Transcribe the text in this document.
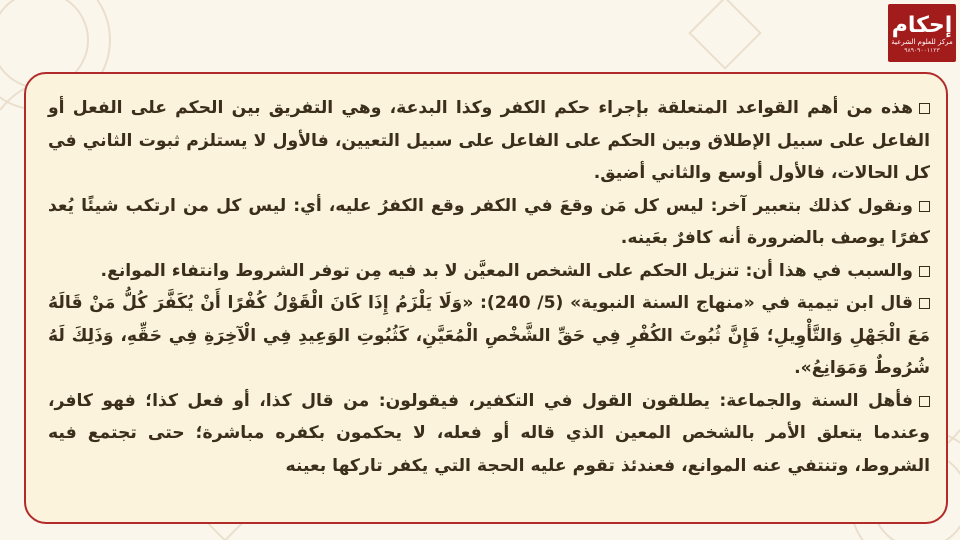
إحكام
مركز للعلوم الشرعية
٩٨٩٠٩٠٠١١٢٣

هذه من أهم القواعد المتعلقة بإجراء حكم الكفر وكذا البدعة، وهي التفريق بين الحكم على الفعل أو الفاعل على سبيل الإطلاق وبين الحكم على الفاعل على سبيل التعيين، فالأول لا يستلزم ثبوت الثاني في كل الحالات، فالأول أوسع والثاني أضيق.

ونقول كذلك بتعبير آخر: ليس كل مَن وقعَ في الكفر وقع الكفرُ عليه، أي: ليس كل من ارتكب شيئًا يُعد كفرًا يوصف بالضرورة أنه كافرٌ بعَينه.

والسبب في هذا أن: تنزيل الحكم على الشخص المعيَّن لا بد فيه مِن توفر الشروط وانتفاء الموانع.

قال ابن تيمية في «منهاج السنة النبوية» (5/ 240): «وَلَا يَلْزَمُ إِذَا كَانَ الْقَوْلُ كُفْرًا أَنْ يُكَفَّرَ كُلُّ مَنْ قَالَهُ مَعَ الْجَهْلِ وَالتَّأْوِيلِ؛ فَإِنَّ ثُبُوتَ الكُفْرِ فِي حَقِّ الشَّخْصِ الْمُعَيَّنِ، كَثُبُوتِ الوَعِيدِ فِي الْآخِرَةِ فِي حَقِّهِ، وَذَلِكَ لَهُ شُرُوطٌ وَمَوَانِعُ».

فأهل السنة والجماعة: يطلقون القول في التكفير، فيقولون: من قال كذا، أو فعل كذا؛ فهو كافر، وعندما يتعلق الأمر بالشخص المعين الذي قاله أو فعله، لا يحكمون بكفره مباشرة؛ حتى تجتمع فيه الشروط، وتنتفي عنه الموانع، فعندئذ تقوم عليه الحجة التي يكفر تاركها بعينه
